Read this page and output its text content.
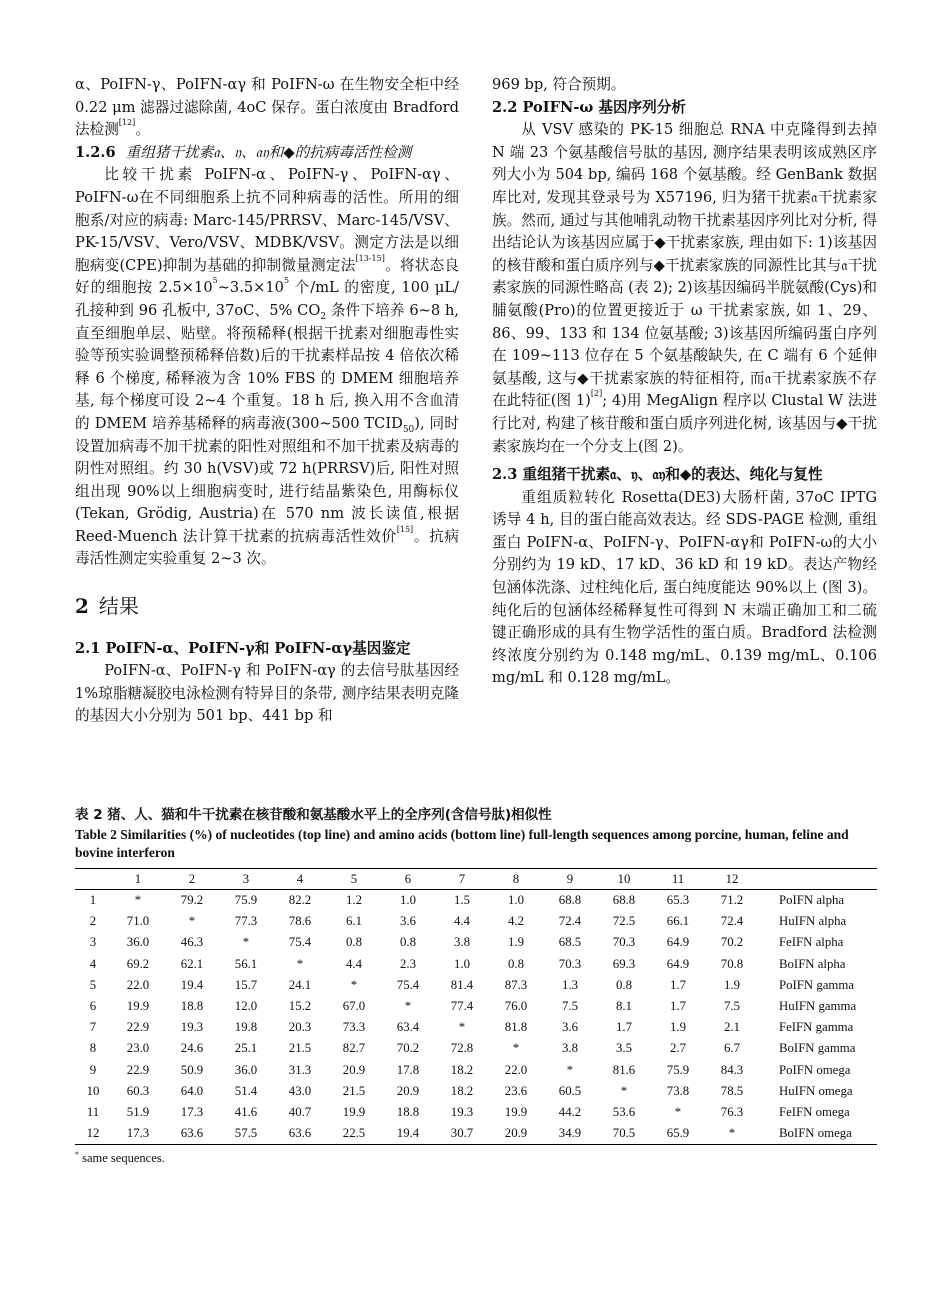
α、PoIFN-γ、PoIFN-αγ 和 PoIFN-ω 在生物安全柜中经 0.22 μm 滤器过滤除菌, 4oC 保存。蛋白浓度由 Bradford 法检测[12]。

1.2.6 重组猪干扰素𝔞、𝔶、𝔞𝔶和◆的抗病毒活性检测

比较干扰素 PoIFN-α、PoIFN-γ、PoIFN-αγ、PoIFN-ω在不同细胞系上抗不同种病毒的活性。所用的细胞系/对应的病毒: Marc-145/PRRSV、Marc-145/VSV、PK-15/VSV、Vero/VSV、MDBK/VSV。测定方法是以细胞病变(CPE)抑制为基础的抑制微量测定法[13-15]。将状态良好的细胞按 $2.5\times 10^5\sim 3.5\times 10^5$ 个/mL 的密度, 100 μL/孔接种到 96 孔板中, 37oC、5% $CO_2$ 条件下培养 6~8 h, 直至细胞单层、贴壁。将预稀释(根据干扰素对细胞毒性实验等预实验调整预稀释倍数)后的干扰素样品按 4 倍依次稀释 6 个梯度, 稀释液为含 10% FBS 的 DMEM 细胞培养基, 每个梯度可设 2~4 个重复。18 h 后, 换入用不含血清的 DMEM 培养基稀释的病毒液(300~500 $TCID_{50}$), 同时设置加病毒不加干扰素的阳性对照组和不加干扰素及病毒的阴性对照组。约 30 h(VSV)或 72 h(PRRSV)后, 阳性对照组出现 90%以上细胞病变时, 进行结晶紫染色, 用酶标仪(Tekan, Grödig, Austria)在 570 nm 波长读值,根据 Reed-Muench 法计算干扰素的抗病毒活性效价[15]。抗病毒活性测定实验重复 2~3 次。

2 结果

2.1 PoIFN-α、PoIFN-γ和 PoIFN-αγ基因鉴定

PoIFN-α、PoIFN-γ 和 PoIFN-αγ 的去信号肽基因经 1%琼脂糖凝胶电泳检测有特异目的条带, 测序结果表明克隆的基因大小分别为 501 bp、441 bp 和

969 bp, 符合预期。

2.2 PoIFN-ω 基因序列分析

从 VSV 感染的 PK-15 细胞总 RNA 中克隆得到去掉 N 端 23 个氨基酸信号肽的基因, 测序结果表明该成熟区序列大小为 504 bp, 编码 168 个氨基酸。经 GenBank 数据库比对, 发现其登录号为 X57196, 归为猪干扰素𝔞干扰素家族。然而, 通过与其他哺乳动物干扰素基因序列比对分析, 得出结论认为该基因应属于◆干扰素家族, 理由如下: 1)该基因的核苷酸和蛋白质序列与◆干扰素家族的同源性比其与𝔞干扰素家族的同源性略高 (表 2); 2)该基因编码半胱氨酸(Cys)和脯氨酸(Pro)的位置更接近于 ω 干扰素家族, 如 1、29、86、99、133 和 134 位氨基酸; 3)该基因所编码蛋白序列在 109~113 位存在 5 个氨基酸缺失, 在 C 端有 6 个延伸氨基酸, 这与◆干扰素家族的特征相符, 而𝔞干扰素家族不存在此特征(图 1)[2]; 4)用 MegAlign 程序以 Clustal W 法进行比对, 构建了核苷酸和蛋白质序列进化树, 该基因与◆干扰素家族均在一个分支上(图 2)。

2.3 重组猪干扰素𝔞、𝔶、𝔞𝔶和◆的表达、纯化与复性

重组质粒转化 Rosetta(DE3)大肠杆菌, 37oC IPTG 诱导 4 h, 目的蛋白能高效表达。经 SDS-PAGE 检测, 重组蛋白 PoIFN-α、PoIFN-γ、PoIFN-αγ和 PoIFN-ω的大小分别约为 19 kD、17 kD、36 kD 和 19 kD。表达产物经包涵体洗涤、过柱纯化后, 蛋白纯度能达 90%以上 (图 3)。纯化后的包涵体经稀释复性可得到 N 末端正确加工和二硫键正确形成的具有生物学活性的蛋白质。Bradford 法检测终浓度分别约为 0.148 mg/mL、0.139 mg/mL、0.106 mg/mL 和 0.128 mg/mL。

表 2 猪、人、猫和牛干扰素在核苷酸和氨基酸水平上的全序列(含信号肽)相似性
Table 2 Similarities (%) of nucleotides (top line) and amino acids (bottom line) full-length sequences among porcine, human, feline and bovine interferon
	1	2	3	4	5	6	7	8	9	10	11	12	
1	*	79.2	75.9	82.2	1.2	1.0	1.5	1.0	68.8	68.8	65.3	71.2	PoIFN alpha
2	71.0	*	77.3	78.6	6.1	3.6	4.4	4.2	72.4	72.5	66.1	72.4	HuIFN alpha
3	36.0	46.3	*	75.4	0.8	0.8	3.8	1.9	68.5	70.3	64.9	70.2	FeIFN alpha
4	69.2	62.1	56.1	*	4.4	2.3	1.0	0.8	70.3	69.3	64.9	70.8	BoIFN alpha
5	22.0	19.4	15.7	24.1	*	75.4	81.4	87.3	1.3	0.8	1.7	1.9	PoIFN gamma
6	19.9	18.8	12.0	15.2	67.0	*	77.4	76.0	7.5	8.1	1.7	7.5	HuIFN gamma
7	22.9	19.3	19.8	20.3	73.3	63.4	*	81.8	3.6	1.7	1.9	2.1	FeIFN gamma
8	23.0	24.6	25.1	21.5	82.7	70.2	72.8	*	3.8	3.5	2.7	6.7	BoIFN gamma
9	22.9	50.9	36.0	31.3	20.9	17.8	18.2	22.0	*	81.6	75.9	84.3	PoIFN omega
10	60.3	64.0	51.4	43.0	21.5	20.9	18.2	23.6	60.5	*	73.8	78.5	HuIFN omega
11	51.9	17.3	41.6	40.7	19.9	18.8	19.3	19.9	44.2	53.6	*	76.3	FeIFN omega
12	17.3	63.6	57.5	63.6	22.5	19.4	30.7	20.9	34.9	70.5	65.9	*	BoIFN omega
* same sequences.
